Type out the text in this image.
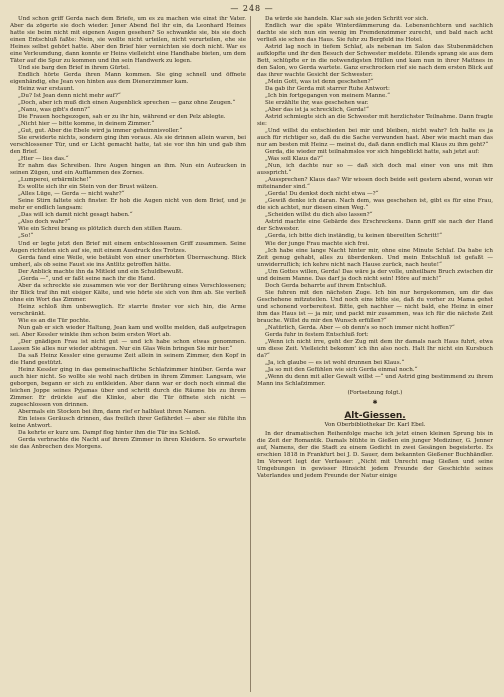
— 248 —

Und schon griff Gerda nach dem Briefe, um es zu machen wie einst ihr Vater. Aber da zögerte sie doch wieder. Jener Abend fiel ihr ein, da Leonhard Heines hatte sie beim nicht mit eigenen Augen gesehen? So schwankte sie, bis sie doch einen Entschluß faßte: Nein, sie wollte nicht urteilen, nicht verurteilen, ehe sie Heines selbst gehört hatte. Aber den Brief hier vernichten sie doch nicht. War es eine Verleumdung, dann konnte er Heins vielleicht eine Handhabe bieten, um dem Täter auf die Spur zu kommen und ihn sein Handwerk zu legen.

Und sie barg den Brief in ihrem Gürtel.

Endlich hörte Gerda ihren Mann kommen. Sie ging schnell und öffnete eigenhändig, ehe Jean von hinten aus dem Dienerzimmer kam.

Heinz war erstaunt.

„Du? Ist Jean denn nicht mehr auf?“

„Doch, aber ich muß dich einen Augenblick sprechen — ganz ohne Zeugen.“

„Nanu, was gibt's denn?“

Die Frauen hochgezogen, sah er zu ihr hin, während er den Pelz ablegte.

„Nicht hier — bitte komme, in deinem Zimmer.“

„Gut, gut. Aber die Ebele wird ja immer geheimnisvoller.“

Sie erwiderte nichts, sondern ging ihm voraus. Als sie drinnen allein waren, bei verschlossener Tür, und er Licht gemacht hatte, tat sie vor ihn hin und gab ihm den Brief.

„Hier — lies das.“

Er nahm das Schreiben. Ihre Augen hingen an ihm. Nun ein Aufzucken in seinen Zügen, und ein Aufflammen des Zornes.

„Lumperei, erbärmliche!“

Es wollte sich ihr ein Stein von der Brust wälzen.

„Alles Lüge, — Gerda — nicht wahr?“

Seine Stirn faltete sich finster. Er hob die Augen nicht von dem Brief, und je mehr er endlich langsam:

„Das will ich damit nicht gesagt haben.“

„Also doch wahr?“

Wie ein Schrei brang es plötzlich durch den stillen Raum.

„So!“

Und er legte jetzt den Brief mit einem entschlossenen Griff zusammen. Seine Augen richteten sich auf sie, mit einem Ausdruck des Trotzes.

Gerda fand eine Weile, wie betäubt von einer unerhörten Überraschung. Blick umherl, als ob seine Faust sie ins Antlitz getroffen hätte.

Der Anblick machte ihn da Mitleid und ein Schuldbewußt.

„Gerda —“, und er faßt seine nach ihr die Hand.

Aber da schreckte sie zusammen wie vor der Berührung eines Verschlossenen; ihr Blick traf ihn mit eisiger Kälte, und wie hörte sie sich von ihm ab. Sie verließ ohne ein Wort das Zimmer.

Heinz schloß ihm unbeweglich. Er starrte finster vor sich hin, die Arme verschränkt.

Wie es an die Tür pochte.

Nun gab er sich wieder Haltung, Jean kam und wollte melden, daß aufgetragen sei. Aber Kessler winkte ihm schon beim ersten Wort ab.

„Der gnädigen Frau ist nicht gut — und ich habe schon etwas genommen. Lassen Sie alles nur wieder abtragen. Nur ein Glas Wein bringen Sie mir her.“

Da saß Heinz Kessler eine geraume Zeit allein in seinem Zimmer, den Kopf in die Hand gestützt.

Heinz Kessler ging in das gemeinschaftliche Schlafzimmer hinüber. Gerda war auch hier nicht. So wollte sie wohl nach drüben in ihrem Zimmer. Langsam, wie geborgen, begann er sich zu entkleiden. Aber dann war er doch noch einmal die leichen Joppe seines Pyjamas über und schritt durch die Räume bis zu ihrem Zimmer. Er drückte auf die Klinke, aber die Tür öffnete sich nicht — zugeschlossen von drinnen.

Abermals ein Stocken bei ihm, dann rief er halblaut ihren Namen.

Ein leises Geräusch drinnen, das freilich ihrer Gefährdet — aber sie fühlte ihn keine Antwort.

Da kehrte er kurz um. Dampf flog hinter ihm die Tür ins Schloß.

Gerda verbrachte die Nacht auf ihrem Zimmer in ihren Kleidern. So erwartete sie das Anbrechen des Morgens.

Da würde sie handeln. Klar sah sie jeden Schritt vor sich.

Endlich war die späte Winterdämmerung da. Lebensnüchtern und sachlich dachte sie sich nun ein wenig im Fremdenzimmer zurecht, und bald nach acht verließ sie schon das Haus. Sie fuhr zu Bergfeld ins Hotel.

Astrid lag noch in tiefem Schlaf, als nebenan im Salon das Stubenmädchen aufklopfte und ihr den Besuch der Schwester meldete. Eilends sprang sie aus dem Bett, schlüpfte er in die notwendigsten Hüllen und kam nun in ihrer Mattnes in den Salon, wo Gerda wartete. Ganz erschrocken rief sie nach dem ersten Blick auf das ihrer wachte Gesicht der Schwester:

„Mein Gott, was ist denn geschehen?“

Da gab ihr Gerda mit starrer Ruhe Antwort:

„Ich bin fortgegangen von meinem Manne.“

Sie erzählte ihr, was geschehen war.

„Aber das ist ja schrecklich, Gerda!“

Astrid schmiegte sich an die Schwester mit herzlichster Teilnahme. Dann fragte sie:

„Und willst du entschieden bei mir und bleiben, nicht wahr? Ich halte es ja auch für richtiger so, daß du die Sache verwunden hast. Aber wie macht man das nur am besten mit Heinz — meinst du, daß dann endlich mal Klaus zu ihm geht?“

Gerda, die wieder mit teilnahmslos vor sich hingeblickt hatte, sah jetzt auf:

„Was soll Klaus da?“

„Nun, ich dachte nur so — daß sich doch mal einer von uns mit ihm ausspricht.“

„Aussprechen? Klaus das? Wir wissen doch beide seit gestern abend, woran wir miteinander sind.“

„Gerda! Du denkst doch nicht etwa —?“

„Gewiß denke ich daran. Nach dem, was geschehen ist, gibt es für eine Frau, die sich achtet, nur diesen einen Weg.“

„Scheiden willst du dich also lassen?“

Astrid machte eine Gebärde des Erschreckens. Dann griff sie nach der Hand der Schwester.

„Gerda, ich bitte dich inständig, tu keinen übereilten Schritt!“

Wie der junge Frau machte sich frei.

„Ich habe eine lange Nacht hinter mir, ohne eine Minute Schlaf. Da habe ich Zeit genug gehabt, alles zu überdenken. Und mein Entschluß ist gefaßt — unwiderruflich; ich kehre nicht nach Hause zurück, nach heute!“

„Um Gottes willen, Gerda! Das wäre ja der volle, unheilbare Bruch zwischen dir und deinem Manne. Das darf ja doch nicht sein! Höre auf mich!“

Doch Gerda beharrte auf ihrem Entschluß.

Sie fuhren mit den nächsten Zuge. Ich bin nur hergekommen, um dir das Geschehene mitzuteilen. Und noch eins bitte sie, daß du vorher zu Mama gehst und schonend vorbereitest. Bitte, geh nachher — nicht bald, ehe Heinz in einer ihm das Haus ist — ja mir, und packt mir zusammen, was ich für die nächste Zeit brauche. Willst du mir den Wunsch erfüllen?“

„Natürlich, Gerda. Aber — ob denn's so noch immer nicht hoffen?“

Gerda fuhr in festem Entschluß fort:

„Wenn ich nicht irre, geht der Zug mit dem ihr damals nach Haus fuhrt, etwa um diese Zeit. Vielleicht bekomm' ich ihn also noch. Halt Ihr nicht ein Kursbuch da?“

„Ja, ich glaube — es ist wohl drunnen bei Klaus.“

„Ja so mit den Gefühlen wie sich Gerda einmal noch.“

„Wenn du denn mit aller Gewalt willst —“ und Astrid ging bestimmend zu ihrem Mann ins Schlafzimmer.

(Fortsetzung folgt.)

✱
Alt-Giessen.
Von Oberbibliothekar Dr. Karl Ebel.

In der dramatischen Reihenfolge mache ich jetzt einen kleinen Sprung bis in die Zeit der Romantik. Damals blühte in Gießen ein junger Mediziner, G. Jenner auf, Namens, der die Stadt zu einem Gedicht in zwei Gesängen begeisterte. Es erschien 1818 in Frankfurt bei J. D. Sauer, dem bekannten Gießener Buchhändler. Im Vorwort legt der Verfasser: „Nicht mit Unrecht mag Gießen und seine Umgebungen in gewisser Hinsicht jedem Freunde der Geschichte seines Vaterlandes und jedem Freunde der Natur einige
